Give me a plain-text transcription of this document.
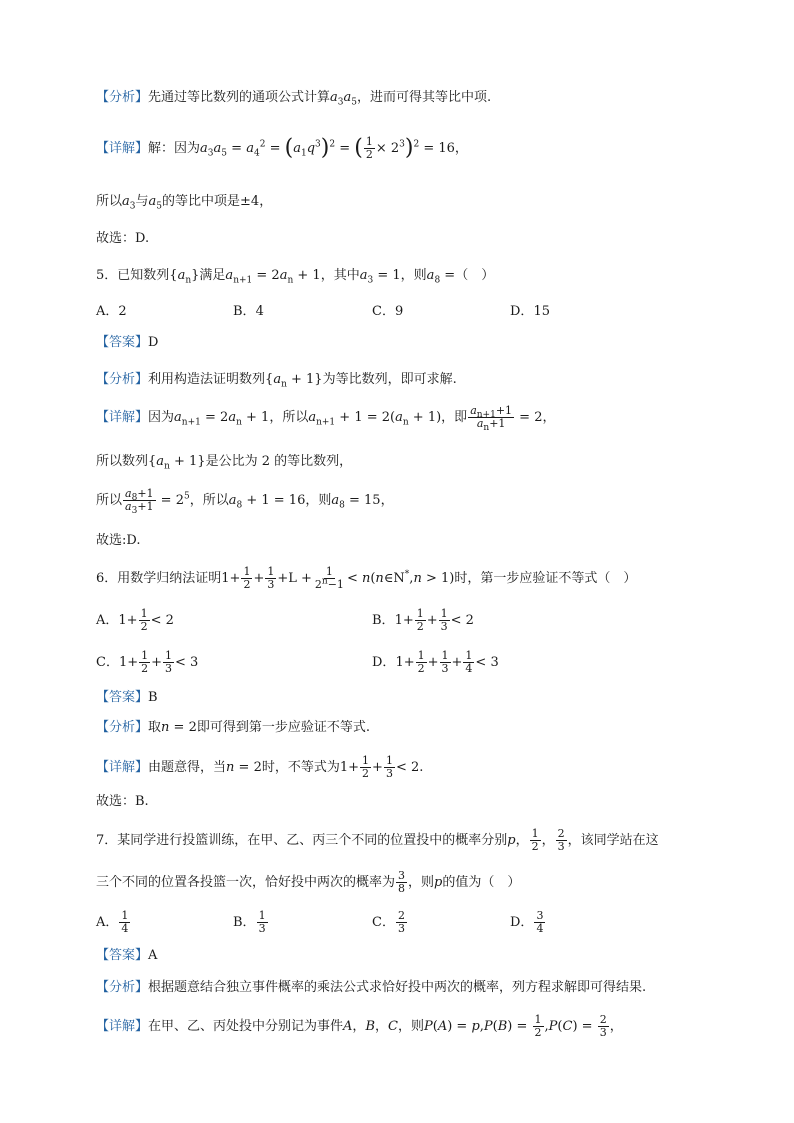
【分析】先通过等比数列的通项公式计算$a_3a_5$，进而可得其等比中项.
【详解】解：因为$a_3a_5 = a_4^2 = (a_1q^3)^2$ = ( $\frac{1}{2} \times 2^3)^2 = 16$，
所以$a_3$与$a_5$的等比中项是±4，
故选：D.
5．已知数列$\{a_n\}$满足$a_{n+1} = 2a_n + 1$，其中$a_3 = 1$，则$a_8$ =（　）
A．2	B．4	C．9	D．15
【答案】D
【分析】利用构造法证明数列$\{a_n + 1\}$为等比数列，即可求解.
【详解】因为$a_{n+1} = 2a_n + 1$，所以$a_{n+1} + 1 = 2(a_n + 1)$，即 $\frac{a_{n+1}+1}{a_n+1} = 2$，
所以数列$\{a_n + 1\}$是公比为 2 的等比数列，
所以 $\frac{a_8+1}{a_3+1} = 2^5$，所以$a_8 + 1 = 16$，则$a_8 = 15$，
故选:D.
6．用数学归纳法证明$1+ \frac{1}{2} + \frac{1}{3} +L + \frac{1}{2^n-1}$ < n(n∈N*,n > 1)时，第一步应验证不等式（　）
A．$1+ \frac{1}{2} < 2$	B．$1+ \frac{1}{2} + \frac{1}{3} < 2$
C．$1+ \frac{1}{2} + \frac{1}{3} < 3$	D．$1+ \frac{1}{2} + \frac{1}{3} + \frac{1}{4} < 3$
【答案】B
【分析】取n = 2即可得到第一步应验证不等式.
【详解】由题意得，当n = 2时，不等式为$1+ \frac{1}{2} + \frac{1}{3} < 2$.
故选：B.
7．某同学进行投篮训练，在甲、乙、丙三个不同的位置投中的概率分别p， $\frac{1}{2}$ ， $\frac{2}{3}$ ，该同学站在这
三个不同的位置各投篮一次，恰好投中两次的概率为 $\frac{3}{8}$ ，则p的值为（　）
A． $\frac{1}{4}$	B． $\frac{1}{3}$	C． $\frac{2}{3}$	D． $\frac{3}{4}$
【答案】A
【分析】根据题意结合独立事件概率的乘法公式求恰好投中两次的概率，列方程求解即可得结果.
【详解】在甲、乙、丙处投中分别记为事件A，B，C，则$P(A) = p,P(B) = \frac{1}{2} ,P(C) = \frac{2}{3}$ ，
